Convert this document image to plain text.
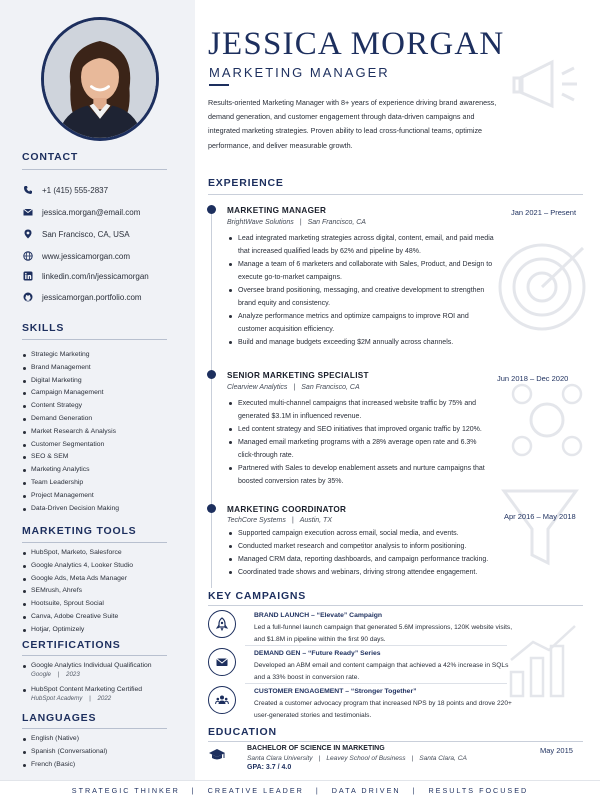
CONTACT
+1 (415) 555-2837
jessica.morgan@email.com
San Francisco, CA, USA
www.jessicamorgan.com
linkedin.com/in/jessicamorgan
jessicamorgan.portfolio.com
SKILLS
Strategic Marketing
Brand Management
Digital Marketing
Campaign Management
Content Strategy
Demand Generation
Market Research & Analysis
Customer Segmentation
SEO & SEM
Marketing Analytics
Team Leadership
Project Management
Data-Driven Decision Making
MARKETING TOOLS
HubSpot, Marketo, Salesforce
Google Analytics 4, Looker Studio
Google Ads, Meta Ads Manager
SEMrush, Ahrefs
Hootsuite, Sprout Social
Canva, Adobe Creative Suite
Hotjar, Optimizely
CERTIFICATIONS
Google Analytics Individual Qualification
Google | 2023
HubSpot Content Marketing Certified
HubSpot Academy | 2022
LANGUAGES
English (Native)
Spanish (Conversational)
French (Basic)
JESSICA MORGAN
MARKETING MANAGER
Results-oriented Marketing Manager with 8+ years of experience driving brand awareness, demand generation, and customer engagement through data-driven campaigns and integrated marketing strategies. Proven ability to lead cross-functional teams, optimize performance, and deliver measurable growth.
EXPERIENCE
Jan 2021 – Present
MARKETING MANAGER
BrightWave Solutions | San Francisco, CA
Lead integrated marketing strategies across digital, content, email, and paid media that increased qualified leads by 62% and pipeline by 48%.
Manage a team of 6 marketers and collaborate with Sales, Product, and Design to execute go-to-market campaigns.
Oversee brand positioning, messaging, and creative development to strengthen brand equity and consistency.
Analyze performance metrics and optimize campaigns to improve ROI and customer acquisition efficiency.
Build and manage budgets exceeding $2M annually across channels.
Jun 2018 – Dec 2020
SENIOR MARKETING SPECIALIST
Clearview Analytics | San Francisco, CA
Executed multi-channel campaigns that increased website traffic by 75% and generated $3.1M in influenced revenue.
Led content strategy and SEO initiatives that improved organic traffic by 120%.
Managed email marketing programs with a 28% average open rate and 6.3% click-through rate.
Partnered with Sales to develop enablement assets and nurture campaigns that boosted conversion rates by 35%.
Apr 2016 – May 2018
MARKETING COORDINATOR
TechCore Systems | Austin, TX
Supported campaign execution across email, social media, and events.
Conducted market research and competitor analysis to inform positioning.
Managed CRM data, reporting dashboards, and campaign performance tracking.
Coordinated trade shows and webinars, driving strong attendee engagement.
KEY CAMPAIGNS
BRAND LAUNCH – “Elevate” Campaign
Led a full-funnel launch campaign that generated 5.6M impressions, 120K website visits, and $1.8M in pipeline within the first 90 days.
DEMAND GEN – “Future Ready” Series
Developed an ABM email and content campaign that achieved a 42% increase in SQLs and a 33% boost in conversion rate.
CUSTOMER ENGAGEMENT – “Stronger Together”
Created a customer advocacy program that increased NPS by 18 points and drove 220+ user-generated stories and testimonials.
EDUCATION
BACHELOR OF SCIENCE IN MARKETING
Santa Clara University | Leavey School of Business | Santa Clara, CA
GPA: 3.7 / 4.0
May 2015
STRATEGIC THINKER | CREATIVE LEADER | DATA DRIVEN | RESULTS FOCUSED
